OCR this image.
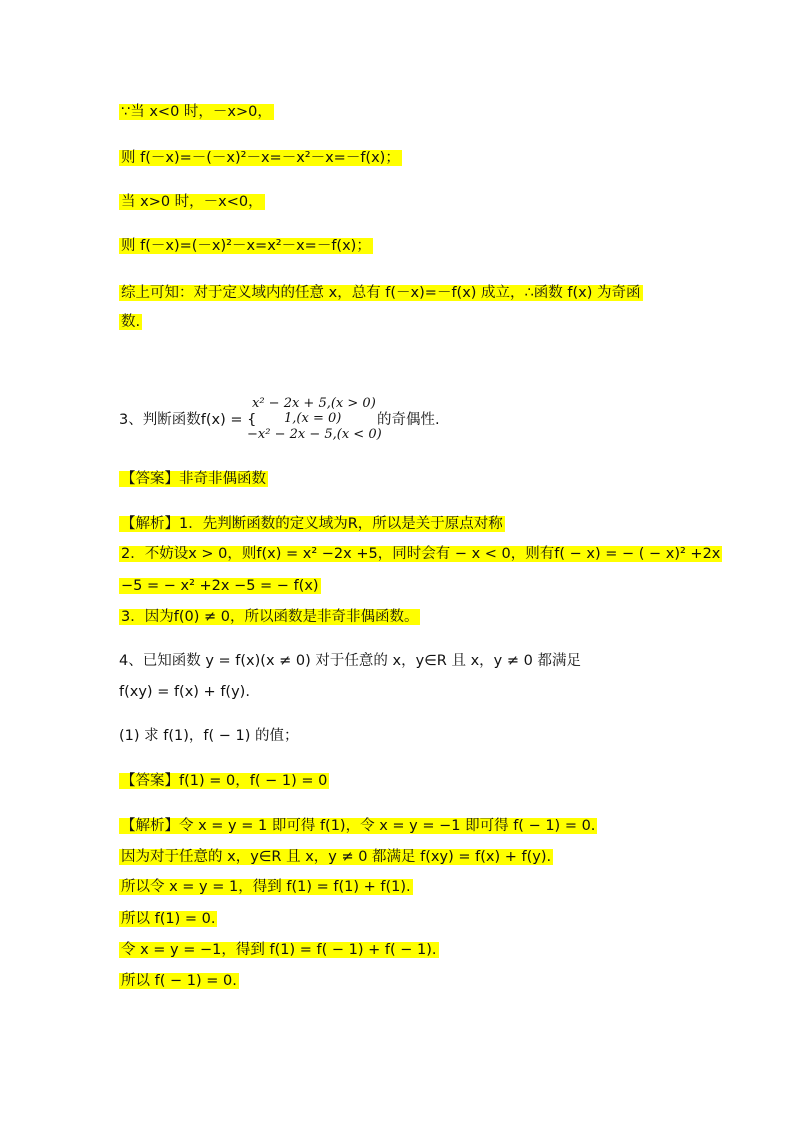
∵当 x<0 时，－x>0，
则 f(－x)=－(－x)²－x=－x²－x=－f(x)；
当 x>0 时，－x<0，
则 f(－x)=(－x)²－x=x²－x=－f(x)；
综上可知：对于定义域内的任意 x，总有 f(－x)=－f(x) 成立，∴函数 f(x) 为奇函
数.
3、判断函数f(x) = {
x² − 2x + 5,(x > 0)
1,(x = 0)
−x² − 2x − 5,(x < 0)
的奇偶性.
【答案】非奇非偶函数
【解析】1．先判断函数的定义域为R，所以是关于原点对称
2．不妨设x > 0，则f(x) = x² −2x +5，同时会有 − x < 0，则有f( − x) = − ( − x)² +2x
−5 = − x² +2x −5 = − f(x)
3．因为f(0) ≠ 0，所以函数是非奇非偶函数。
4、已知函数 y = f(x)(x ≠ 0) 对于任意的 x，y∈R 且 x，y ≠ 0 都满足
f(xy) = f(x) + f(y).
(1) 求 f(1)，f( − 1) 的值；
【答案】f(1) = 0，f( − 1) = 0
【解析】令 x = y = 1 即可得 f(1)，令 x = y = −1 即可得 f( − 1) = 0.
因为对于任意的 x，y∈R 且 x，y ≠ 0 都满足 f(xy) = f(x) + f(y).
所以令 x = y = 1，得到 f(1) = f(1) + f(1).
所以 f(1) = 0.
令 x = y = −1，得到 f(1) = f( − 1) + f( − 1).
所以 f( − 1) = 0.
